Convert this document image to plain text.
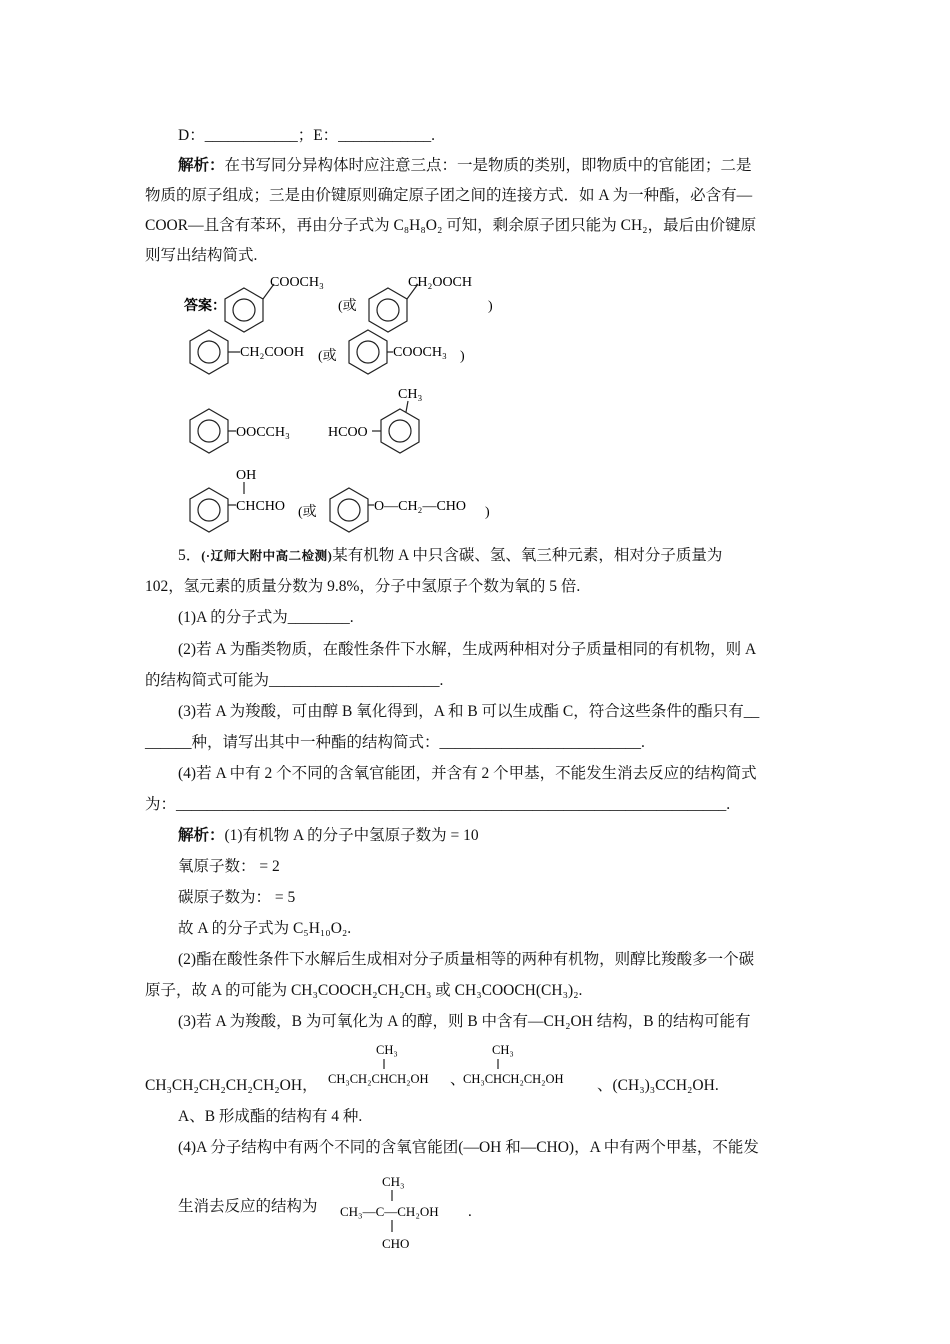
D：____________；E：____________.
解析：在书写同分异构体时应注意三点：一是物质的类别，即物质中的官能团；二是
物质的原子组成；三是由价键原则确定原子团之间的连接方式．如 A 为一种酯，必含有—
COOR—且含有苯环，再由分子式为 C₈H₈O₂ 可知，剩余原子团只能为 CH₂，最后由价键原
则写出结构简式.
答案：
COOCH₃
(或
CH₂OOCH
)
CH₂COOH (或	COOCH₃ )
OOCCH₃	HCOO
CH₃
OH
CHCHO (或	O—CH₂—CHO )
5．(·辽师大附中高二检测)某有机物 A 中只含碳、氢、氧三种元素，相对分子质量为
102，氢元素的质量分数为 9.8%，分子中氢原子个数为氧的 5 倍.
(1)A 的分子式为________.
(2)若 A 为酯类物质，在酸性条件下水解，生成两种相对分子质量相同的有机物，则 A
的结构简式可能为______________________.
(3)若 A 为羧酸，可由醇 B 氧化得到，A 和 B 可以生成酯 C，符合这些条件的酯只有__
______种，请写出其中一种酯的结构简式：__________________________.
(4)若 A 中有 2 个不同的含氧官能团，并含有 2 个甲基，不能发生消去反应的结构简式
为：_______________________________________________________________________.
解析：(1)有机物 A 的分子中氢原子数为 = 10
氧原子数： = 2
碳原子数为： = 5
故 A 的分子式为 C₅H₁₀O₂.
(2)酯在酸性条件下水解后生成相对分子质量相等的两种有机物，则醇比羧酸多一个碳
原子，故 A 的可能为 CH₃COOCH₂CH₂CH₃ 或 CH₃COOCH(CH₃)₂.
(3)若 A 为羧酸，B 为可氧化为 A 的醇，则 B 中含有—CH₂OH 结构，B 的结构可能有
CH₃CH₂CH₂CH₂CH₂OH，
CH₃
CH₃CH₂CHCH₂OH 、
CH₃
CH₃CHCH₂CH₂OH 、(CH₃)₃CCH₂OH.
A、B 形成酯的结构有 4 种.
(4)A 分子结构中有两个不同的含氧官能团(—OH 和—CHO)，A 中有两个甲基，不能发
生消去反应的结构为
CH₃
CH₃—C—CH₂OH
CHO
.
